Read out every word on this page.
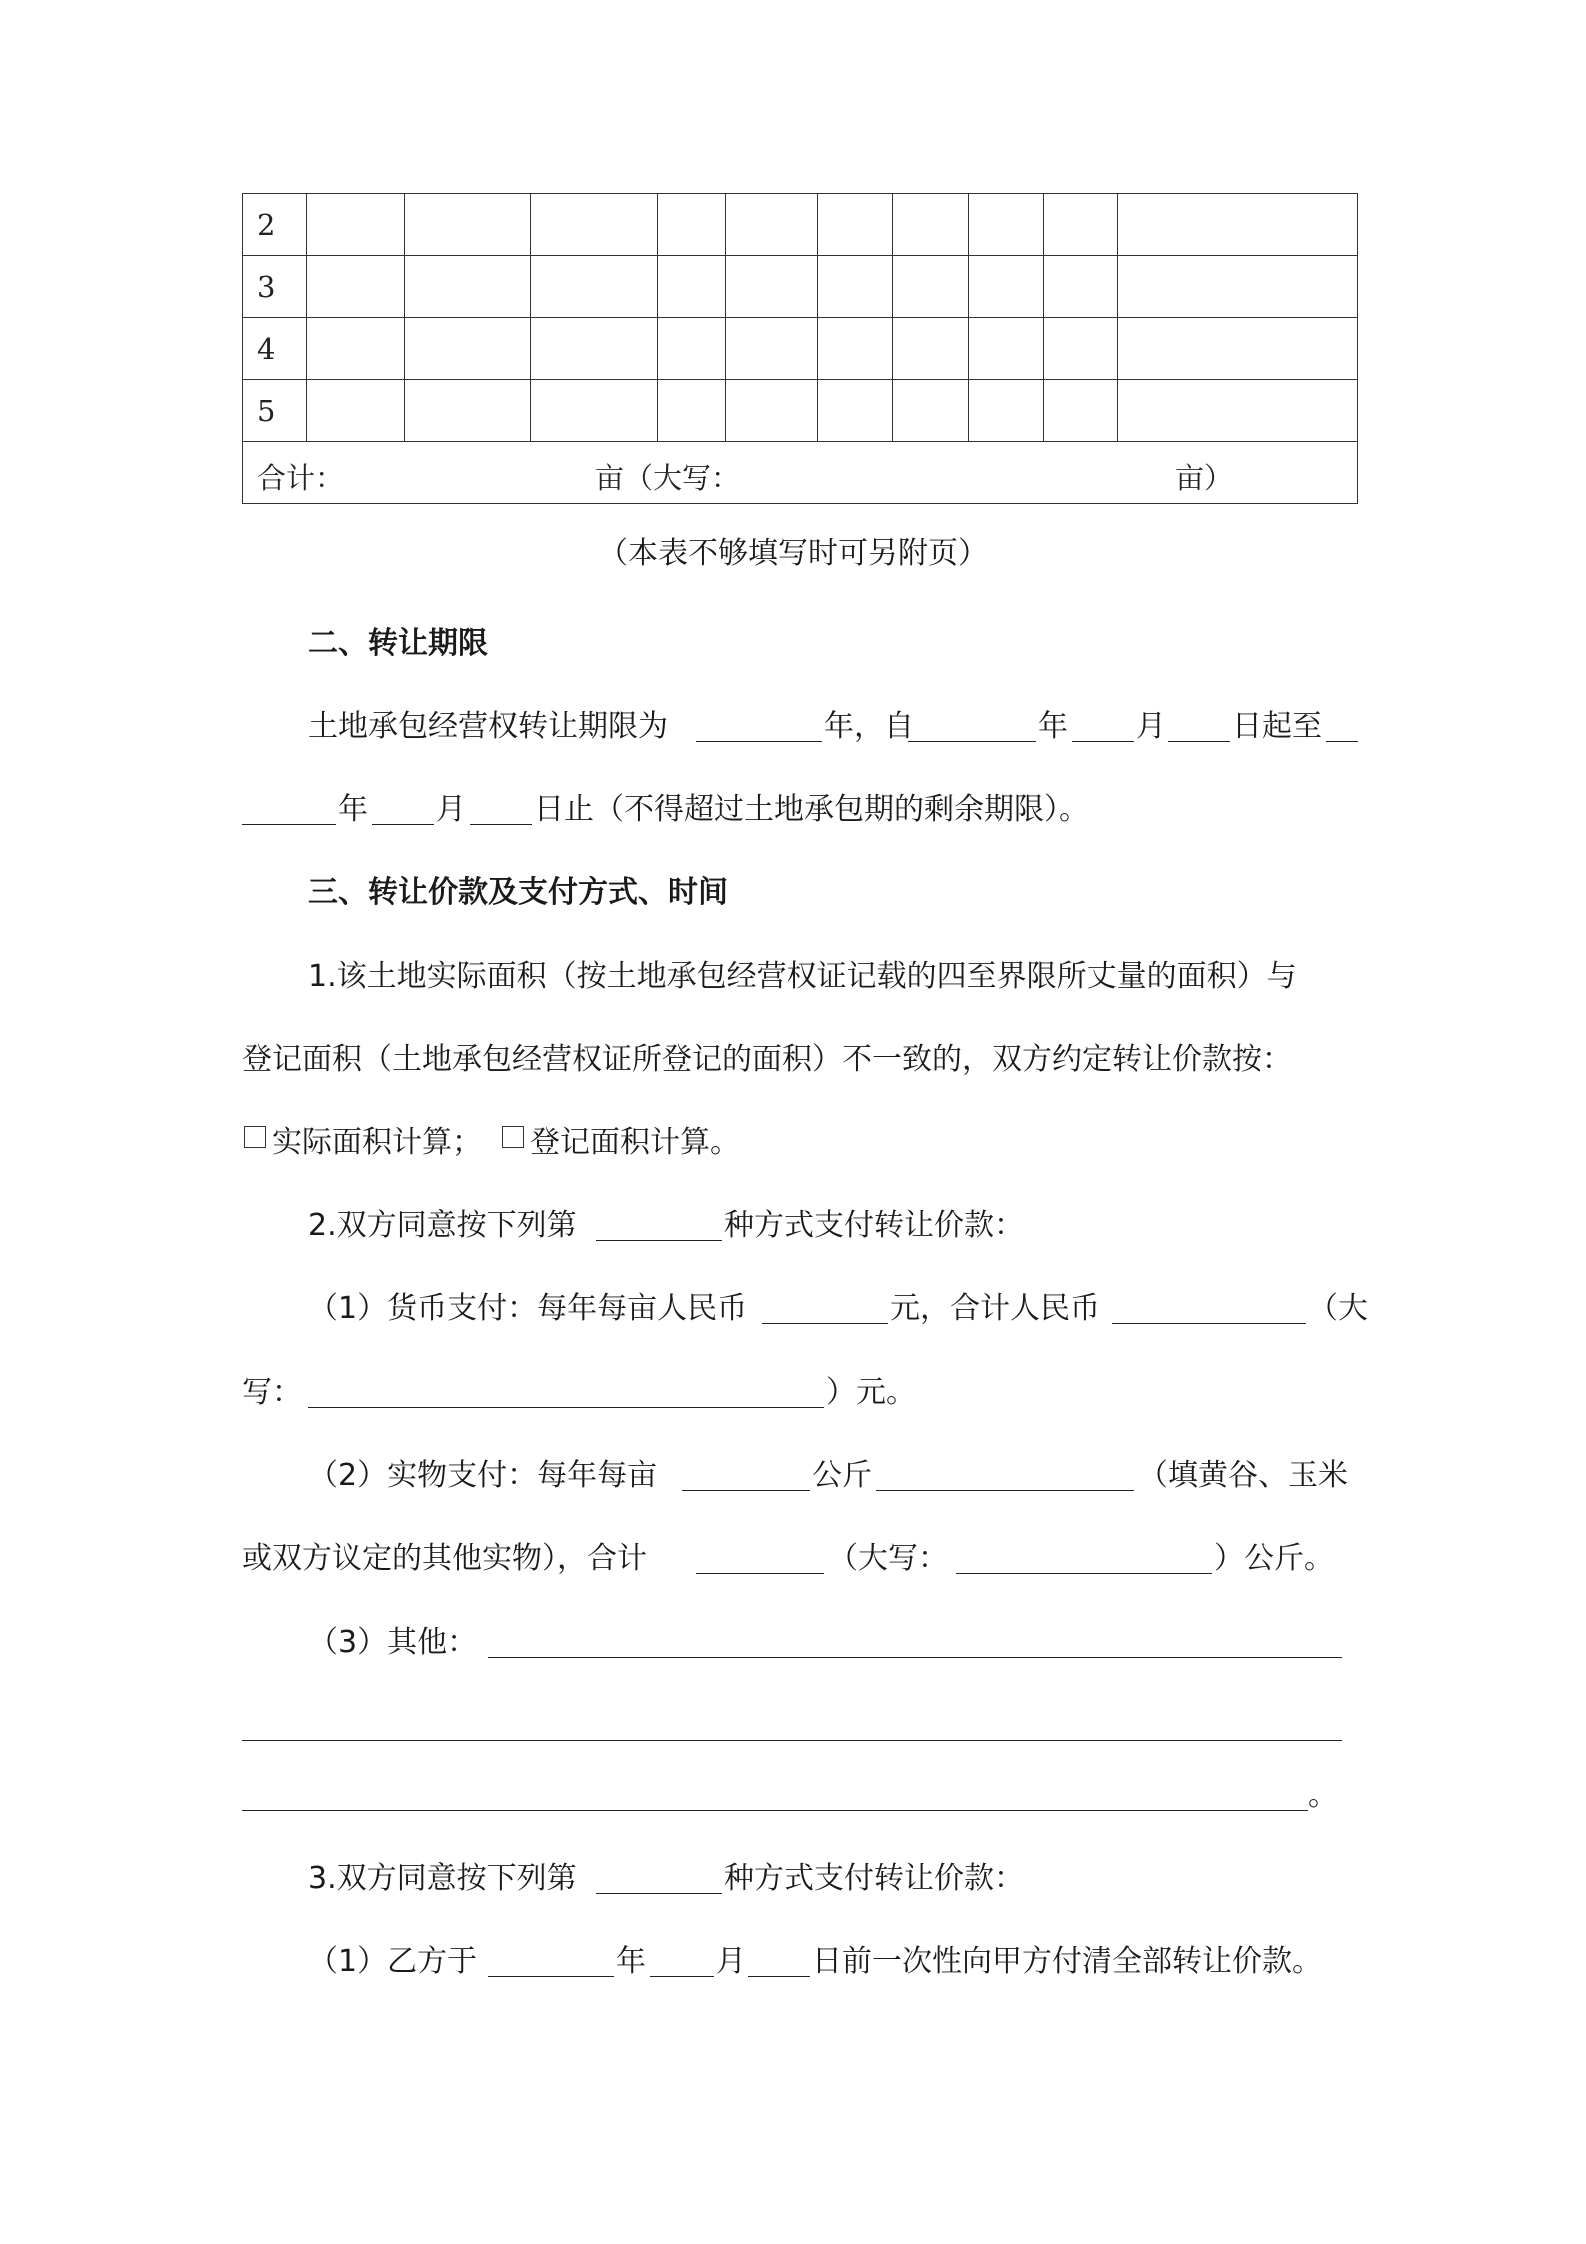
2										
3										
4										
5										

合计： 亩（大写： 亩）										
（本表不够填写时可另附页）
二、转让期限
土地承包经营权转让期限为	年，自	年 月 日起至
年 月 日止（不得超过土地承包期的剩余期限）。
三、转让价款及支付方式、时间
1.该土地实际面积（按土地承包经营权证记载的四至界限所丈量的面积）与
登记面积（土地承包经营权证所登记的面积）不一致的，双方约定转让价款按：
实际面积计算； 登记面积计算。
2.双方同意按下列第	种方式支付转让价款：
（1）货币支付：每年每亩人民币	元，合计人民币	（大
写：	）元。
（2）实物支付：每年每亩	公斤	（填黄谷、玉米
或双方议定的其他实物），合计	（大写：	）公斤。
（3）其他：
。
3.双方同意按下列第	种方式支付转让价款：
（1）乙方于	年 月 日前一次性向甲方付清全部转让价款。
